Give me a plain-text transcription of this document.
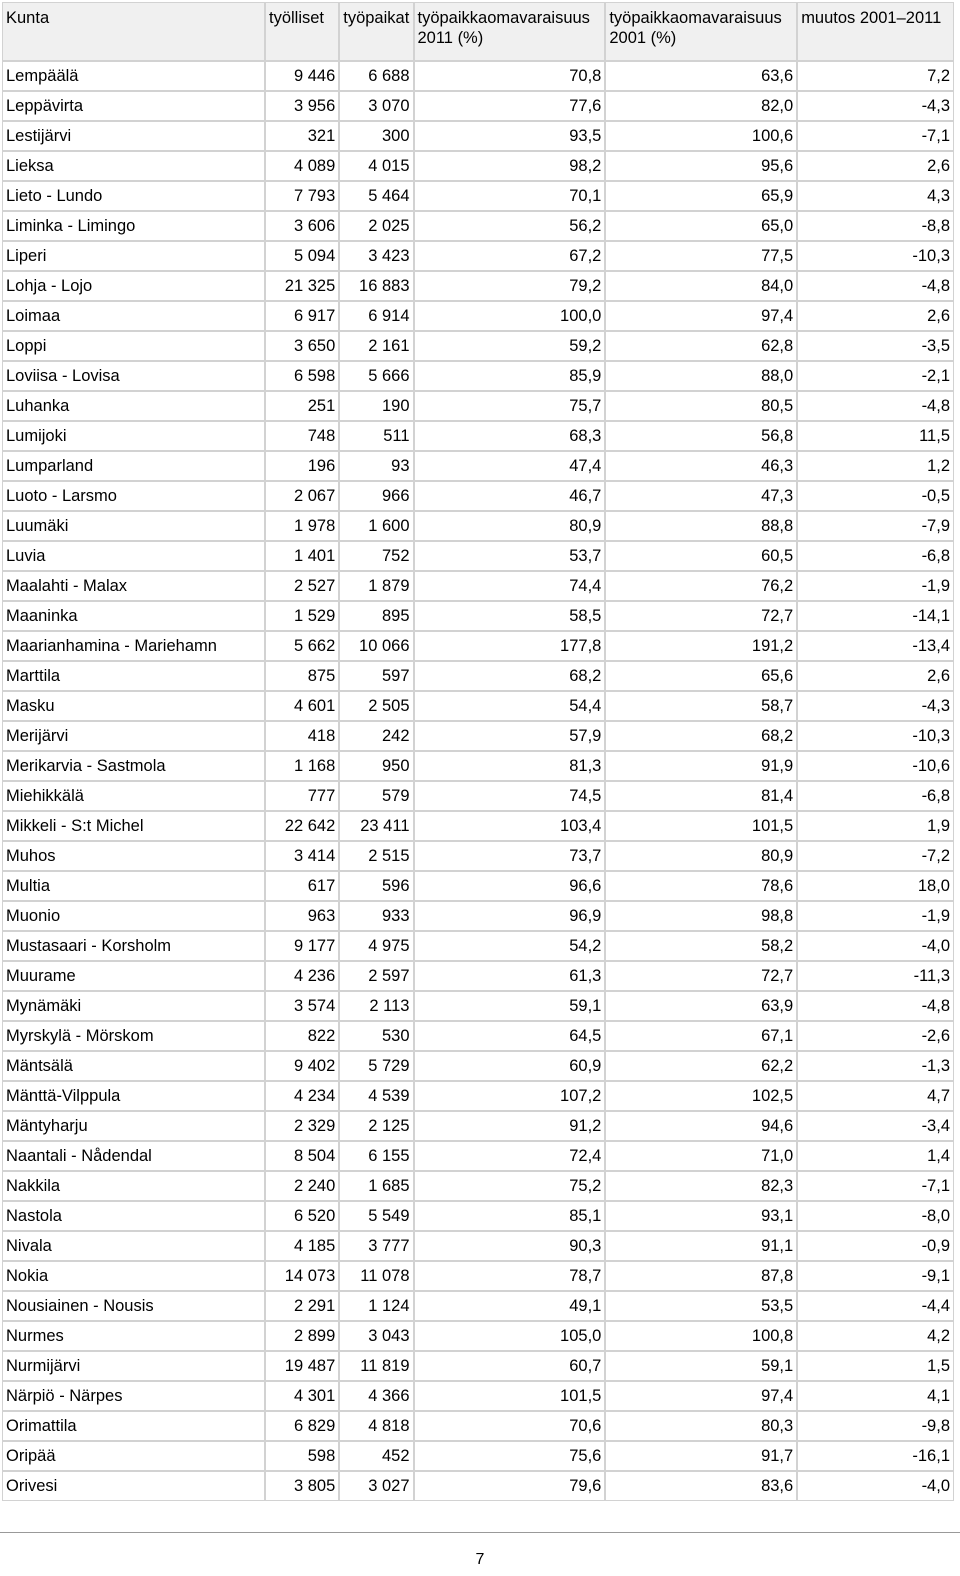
Kunta	työlliset	työpaikat	työpaikkaomavaraisuus 2011 (%)	työpaikkaomavaraisuus 2001 (%)	muutos 2001–2011
Lempäälä	9 446	6 688	70,8	63,6	7,2
Leppävirta	3 956	3 070	77,6	82,0	-4,3
Lestijärvi	321	300	93,5	100,6	-7,1
Lieksa	4 089	4 015	98,2	95,6	2,6
Lieto - Lundo	7 793	5 464	70,1	65,9	4,3
Liminka - Limingo	3 606	2 025	56,2	65,0	-8,8
Liperi	5 094	3 423	67,2	77,5	-10,3
Lohja - Lojo	21 325	16 883	79,2	84,0	-4,8
Loimaa	6 917	6 914	100,0	97,4	2,6
Loppi	3 650	2 161	59,2	62,8	-3,5
Loviisa - Lovisa	6 598	5 666	85,9	88,0	-2,1
Luhanka	251	190	75,7	80,5	-4,8
Lumijoki	748	511	68,3	56,8	11,5
Lumparland	196	93	47,4	46,3	1,2
Luoto - Larsmo	2 067	966	46,7	47,3	-0,5
Luumäki	1 978	1 600	80,9	88,8	-7,9
Luvia	1 401	752	53,7	60,5	-6,8
Maalahti - Malax	2 527	1 879	74,4	76,2	-1,9
Maaninka	1 529	895	58,5	72,7	-14,1
Maarianhamina - Mariehamn	5 662	10 066	177,8	191,2	-13,4
Marttila	875	597	68,2	65,6	2,6
Masku	4 601	2 505	54,4	58,7	-4,3
Merijärvi	418	242	57,9	68,2	-10,3
Merikarvia - Sastmola	1 168	950	81,3	91,9	-10,6
Miehikkälä	777	579	74,5	81,4	-6,8
Mikkeli - S:t Michel	22 642	23 411	103,4	101,5	1,9
Muhos	3 414	2 515	73,7	80,9	-7,2
Multia	617	596	96,6	78,6	18,0
Muonio	963	933	96,9	98,8	-1,9
Mustasaari - Korsholm	9 177	4 975	54,2	58,2	-4,0
Muurame	4 236	2 597	61,3	72,7	-11,3
Mynämäki	3 574	2 113	59,1	63,9	-4,8
Myrskylä - Mörskom	822	530	64,5	67,1	-2,6
Mäntsälä	9 402	5 729	60,9	62,2	-1,3
Mänttä-Vilppula	4 234	4 539	107,2	102,5	4,7
Mäntyharju	2 329	2 125	91,2	94,6	-3,4
Naantali - Nådendal	8 504	6 155	72,4	71,0	1,4
Nakkila	2 240	1 685	75,2	82,3	-7,1
Nastola	6 520	5 549	85,1	93,1	-8,0
Nivala	4 185	3 777	90,3	91,1	-0,9
Nokia	14 073	11 078	78,7	87,8	-9,1
Nousiainen - Nousis	2 291	1 124	49,1	53,5	-4,4
Nurmes	2 899	3 043	105,0	100,8	4,2
Nurmijärvi	19 487	11 819	60,7	59,1	1,5
Närpiö - Närpes	4 301	4 366	101,5	97,4	4,1
Orimattila	6 829	4 818	70,6	80,3	-9,8
Oripää	598	452	75,6	91,7	-16,1
Orivesi	3 805	3 027	79,6	83,6	-4,0
7
